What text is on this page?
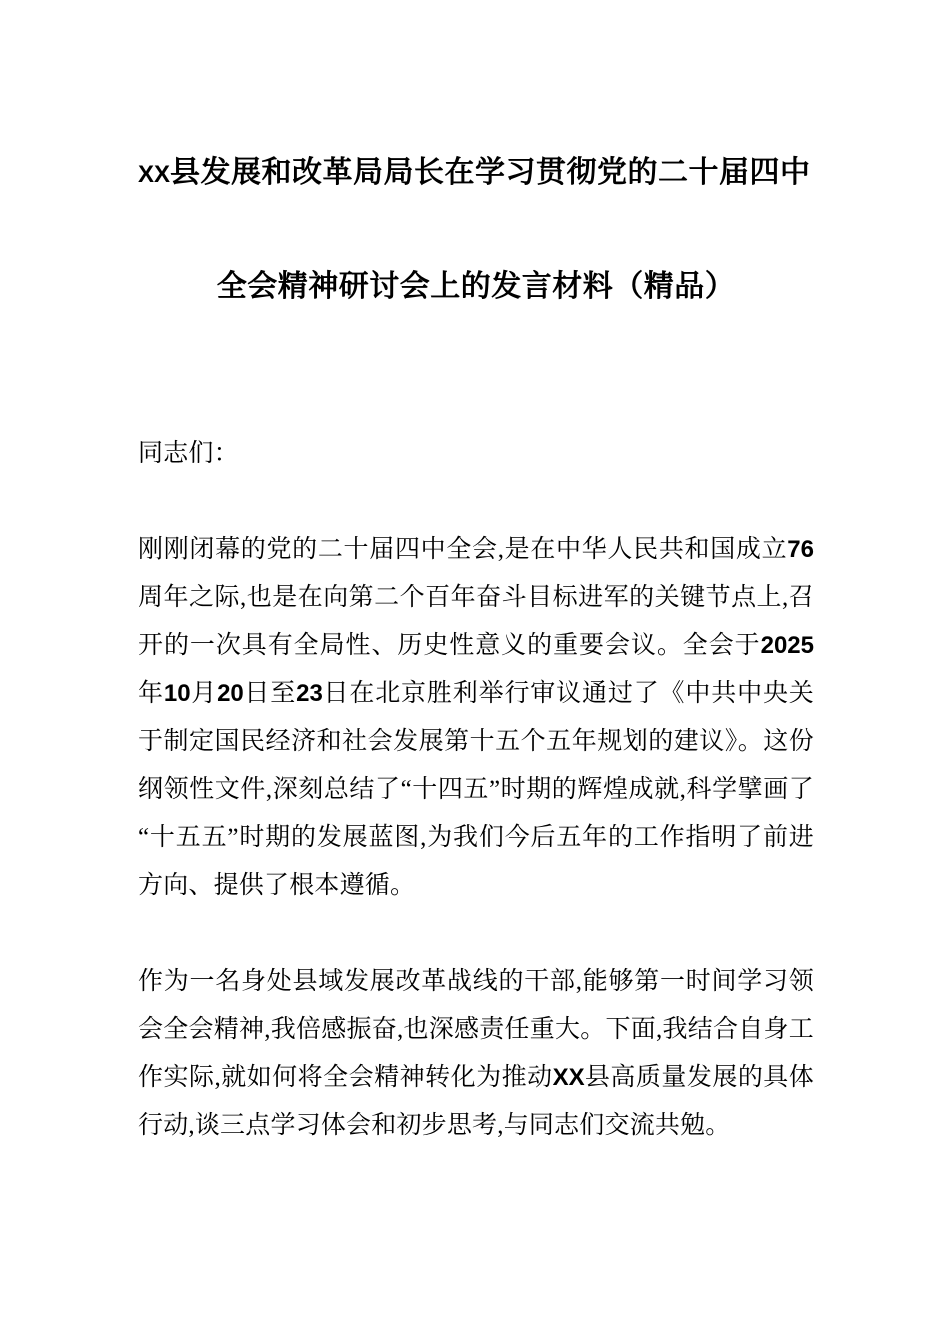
XX县发展和改革局局长在学习贯彻党的二十届四中
全会精神研讨会上的发言材料（精品）

同志们：

刚刚闭幕的党的二十届四中全会,是在中华人民共和国成立76周年之际,也是在向第二个百年奋斗目标进军的关键节点上,召开的一次具有全局性、历史性意义的重要会议。全会于2025年10月20日至23日在北京胜利举行审议通过了《中共中央关于制定国民经济和社会发展第十五个五年规划的建议》。这份纲领性文件,深刻总结了“十四五”时期的辉煌成就,科学擘画了“十五五”时期的发展蓝图,为我们今后五年的工作指明了前进方向、提供了根本遵循。

作为一名身处县域发展改革战线的干部,能够第一时间学习领会全会精神,我倍感振奋,也深感责任重大。下面,我结合自身工作实际,就如何将全会精神转化为推动XX县高质量发展的具体行动,谈三点学习体会和初步思考,与同志们交流共勉。
